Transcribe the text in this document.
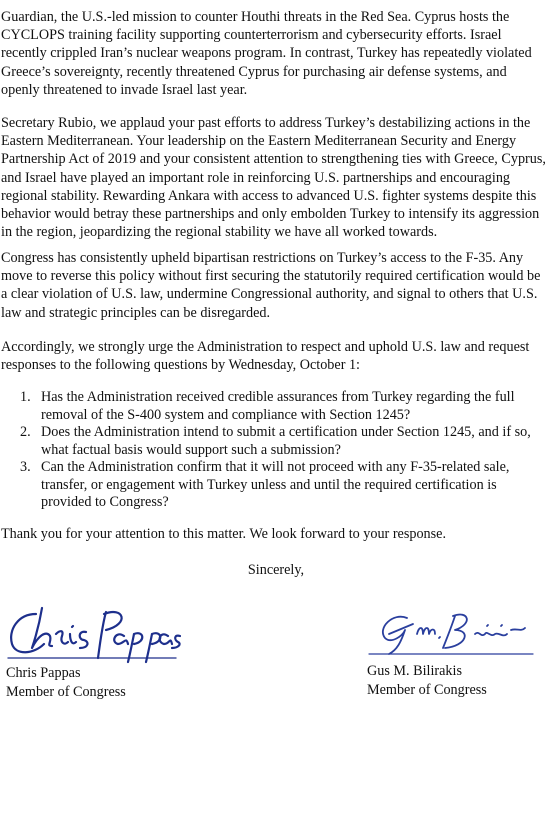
Guardian, the U.S.-led mission to counter Houthi threats in the Red Sea. Cyprus hosts the CYCLOPS training facility supporting counterterrorism and cybersecurity efforts. Israel recently crippled Iran’s nuclear weapons program. In contrast, Turkey has repeatedly violated Greece’s sovereignty, recently threatened Cyprus for purchasing air defense systems, and openly threatened to invade Israel last year.

Secretary Rubio, we applaud your past efforts to address Turkey’s destabilizing actions in the Eastern Mediterranean. Your leadership on the Eastern Mediterranean Security and Energy Partnership Act of 2019 and your consistent attention to strengthening ties with Greece, Cyprus, and Israel have played an important role in reinforcing U.S. partnerships and encouraging regional stability. Rewarding Ankara with access to advanced U.S. fighter systems despite this behavior would betray these partnerships and only embolden Turkey to intensify its aggression in the region, jeopardizing the regional stability we have all worked towards.

Congress has consistently upheld bipartisan restrictions on Turkey’s access to the F-35. Any move to reverse this policy without first securing the statutorily required certification would be a clear violation of U.S. law, undermine Congressional authority, and signal to others that U.S. law and strategic principles can be disregarded.

Accordingly, we strongly urge the Administration to respect and uphold U.S. law and request responses to the following questions by Wednesday, October 1:

1. Has the Administration received credible assurances from Turkey regarding the full removal of the S-400 system and compliance with Section 1245?
2. Does the Administration intend to submit a certification under Section 1245, and if so, what factual basis would support such a submission?
3. Can the Administration confirm that it will not proceed with any F-35-related sale, transfer, or engagement with Turkey unless and until the required certification is provided to Congress?

Thank you for your attention to this matter. We look forward to your response.

Sincerely,
Chris Pappas
Member of Congress
Gus M. Bilirakis
Member of Congress
